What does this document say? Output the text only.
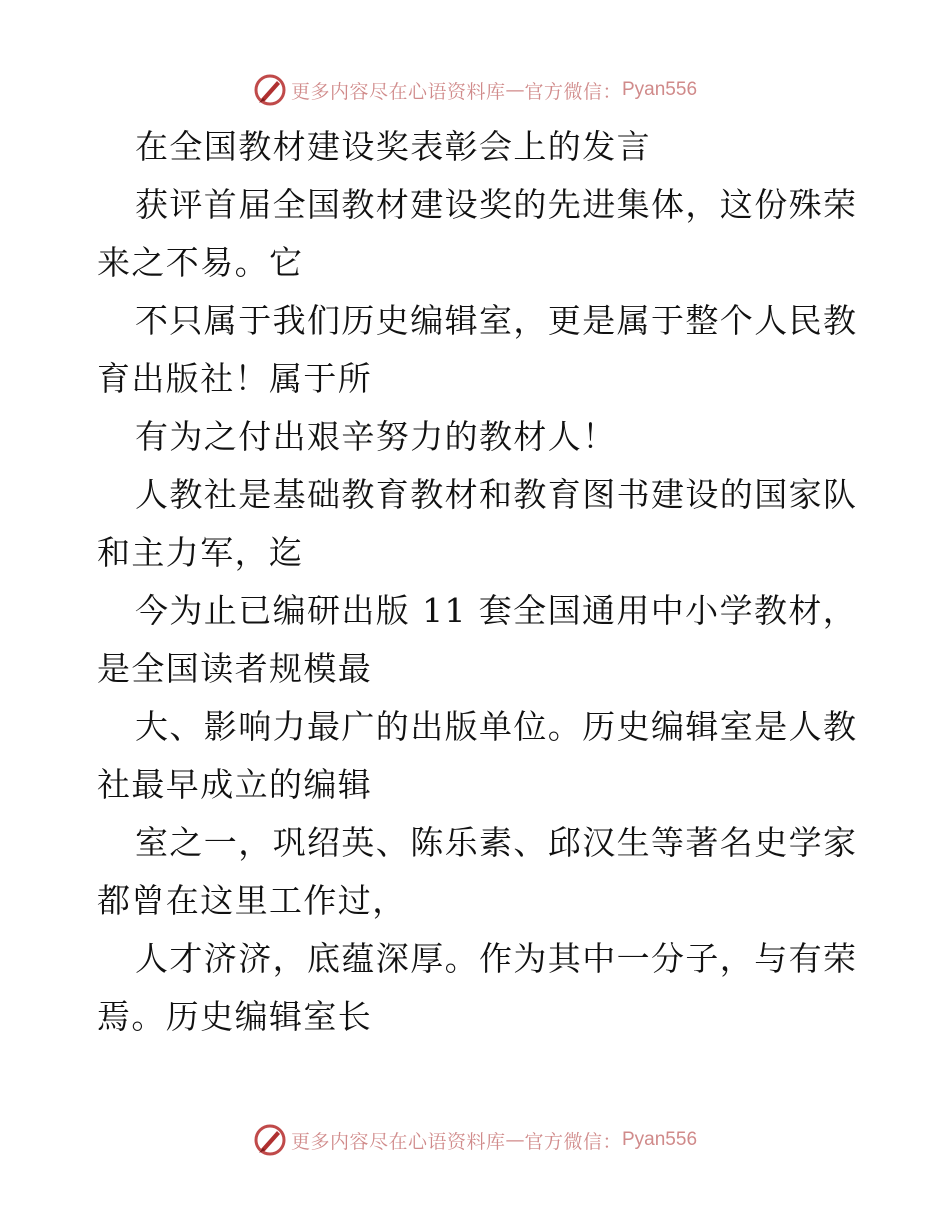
更多内容尽在心语资料库 — 官方微信： Pyan556
在全国教材建设奖表彰会上的发言
获评首届全国教材建设奖的先进集体，这份殊荣
来之不易。它
不只属于我们历史编辑室，更是属于整个人民教
育出版社！属于所
有为之付出艰辛努力的教材人！
人教社是基础教育教材和教育图书建设的国家队
和主力军，迄
今为止已编研出版 11 套全国通用中小学教材，
是全国读者规模最
大、影响力最广的出版单位。历史编辑室是人教
社最早成立的编辑
室之一，巩绍英、陈乐素、邱汉生等著名史学家
都曾在这里工作过，
人才济济，底蕴深厚。作为其中一分子，与有荣
焉。历史编辑室长
更多内容尽在心语资料库 — 官方微信： Pyan556
